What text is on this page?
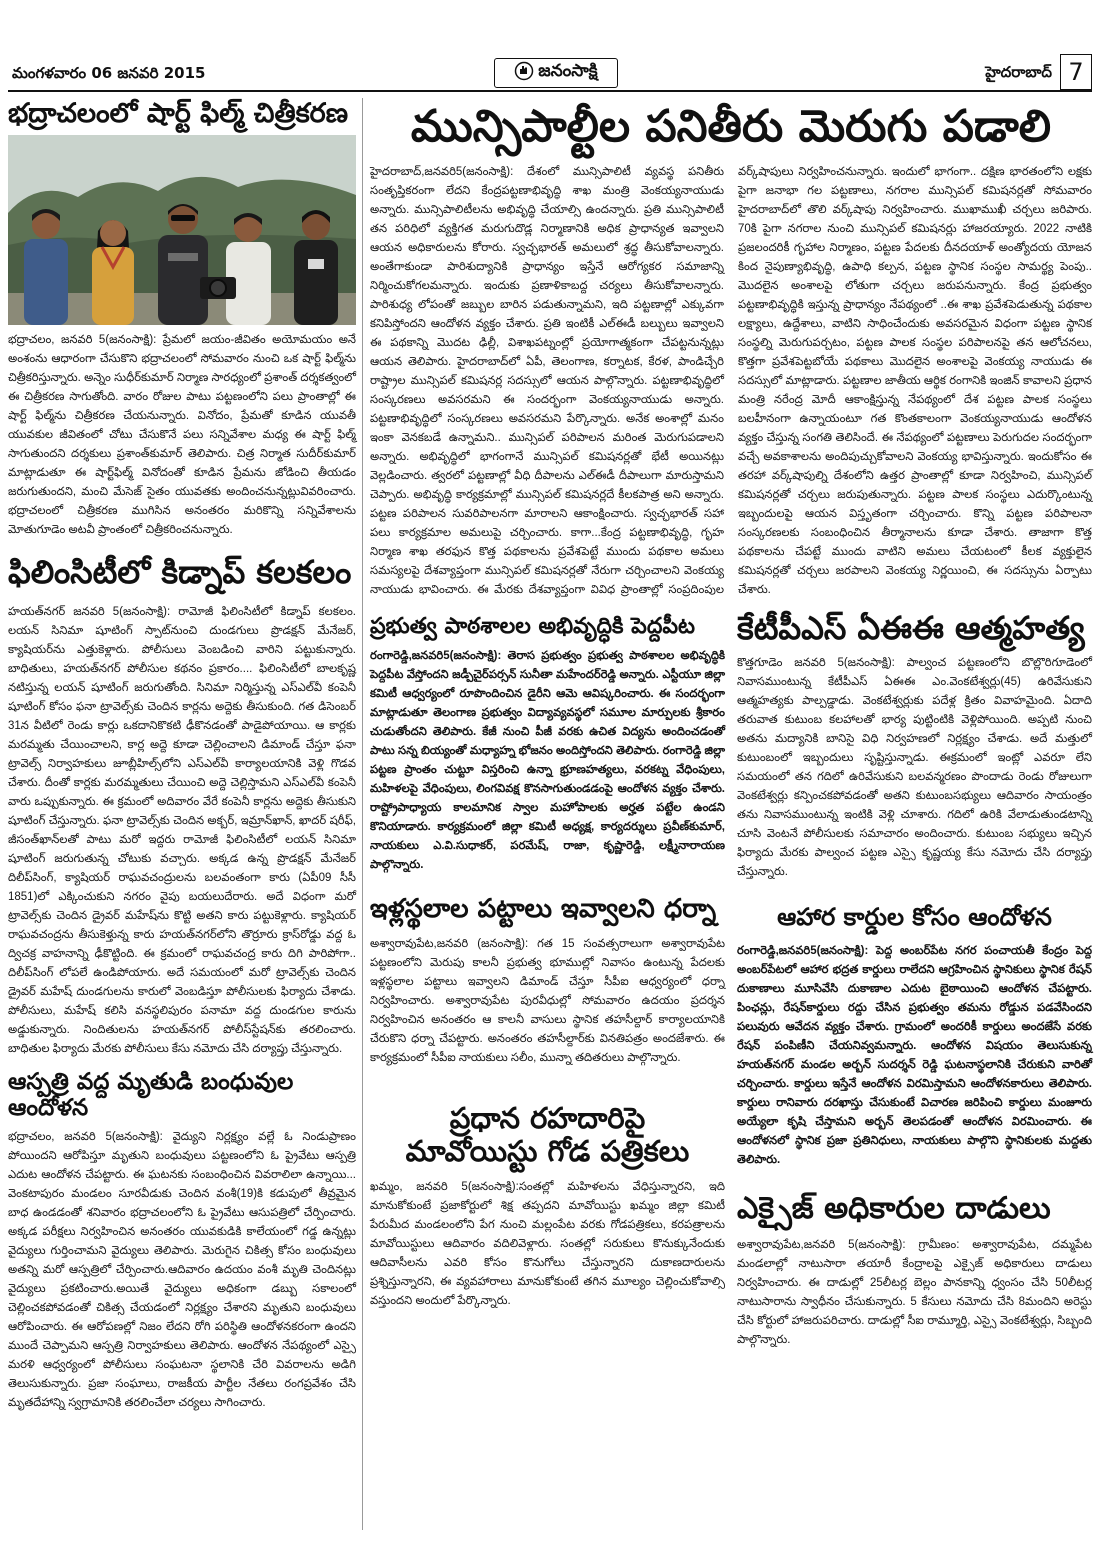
మంగళవారం 06 జనవరి 2015	జనంసాక్షి	హైదరాబాద్ 7
భద్రాచలంలో షార్ట్ ఫిల్మ్ చిత్రీకరణ

భద్రాచలం, జనవరి 5(జనంసాక్షి): ప్రేమలో జయం-జీవితం అయోమయం అనే అంశంను ఆధారంగా చేసుకొని భద్రాచలంలో సోమవారం నుంచి ఒక షార్ట్ ఫిల్మ్‌ను చిత్రీకరిస్తున్నారు. అన్నెం సుధీర్‌కుమార్ నిర్మాణ సారధ్యంలో ప్రశాంత్ దర్శకత్వంలో ఈ చిత్రీకరణ సాగుతోంది. వారం రోజుల పాటు పట్టణంలోని పలు ప్రాంతాల్లో ఈ షార్ట్ ఫిల్మ్‌ను చిత్రీకరణ చేయనున్నారు. వినోదం, ప్రేమతో కూడిన యువతీ యువకుల జీవితంలో చోటు చేసుకొనే పలు సన్నివేశాల మధ్య ఈ షార్ట్ ఫిల్మ్ సాగుతుందని దర్శకులు ప్రశాంత్‌కుమార్ తెలిపారు. చిత్ర నిర్మాత సుదీర్‌కుమార్ మాట్లాడుతూ ఈ షార్ట్‌ఫిల్మ్ వినోదంతో కూడిన ప్రేమను జోడించి తీయడం జరుగుతుందని, మంచి మేసెజ్ సైతం యువతకు అందించనున్నట్లువివరించారు. భద్రాచలంలో చిత్రీకరణ ముగిసిన అనంతరం మరికొన్ని సన్నివేశాలను మోతుగూడెం అటవీ ప్రాంతంలో చిత్రీకరించనున్నారు.

ఫిలింసిటీలో కిడ్నాప్ కలకలం

హయత్‌నగర్ జనవరి 5(జనంసాక్షి): రామోజీ ఫిలింసిటీలో కిడ్నాప్ కలకలం. లయన్ సినిమా షూటింగ్ స్పాట్‌నుంచి దుండగులు ప్రొడక్షన్ మేనేజర్, క్యాషియర్‌ను ఎత్తుకెళ్లారు. పోలీసులు వెంబడించి వారిని పట్టుకున్నారు. బాధితులు, హయత్‌నగర్ పోలీసుల కథనం ప్రకారం.... ఫిలింసిటీలో బాలకృష్ణ నటిస్తున్న లయన్ షూటింగ్ జరుగుతోంది. సినిమా నిర్మిస్తున్న ఎస్‌ఎల్‌వీ కంపెనీ షూటింగ్ కోసం ఫనా ట్రావెల్స్‌కు చెందిన కార్లను అద్దెకు తీసుకుంది. గత డిసెంబర్ 31న వీటిలో రెండు కార్లు ఒకదానికొకటి ఢీకొనడంతో పాడైపోయాయి. ఆ కార్లకు మరమ్మతు చేయించాలని, కార్ల అద్దె కూడా చెల్లించాలని డిమాండ్ చేస్తూ ఫనా ట్రావెల్స్ నిర్వాహకులు జూబ్లీహిల్స్‌లోని ఎస్‌ఎల్‌వీ కార్యాలయానికి వెళ్లి గొడవ చేశారు. దీంతో కార్లకు మరమ్మతులు చేయించి అద్దె చెల్లిస్తామని ఎస్‌ఎల్‌వీ కంపెనీ వారు ఒప్పుకున్నారు. ఈ క్రమంలో అదివారం వేరే కంపెనీ కార్లను అద్దెకు తీసుకుని షూటింగ్ చేస్తున్నారు. ఫనా ట్రావెల్స్‌కు చెందిన అక్బర్, ఇమ్రాన్‌ఖాన్, ఖాదర్ షరీఫ్, జీసంత్‌ఖాన్‌లతో పాటు మరో ఇద్దరు రామోజీ ఫిలింసిటీలో లయన్ సినిమా షూటింగ్ జరుగుతున్న చోటుకు వచ్చారు. అక్కడ ఉన్న ప్రొడక్షన్ మేనేజర్ దిలీప్‌సింగ్, క్యాషియర్ రాఘవచంద్రులను బలవంతంగా కారు (ఏపీ09 సీసీ 1851)లో ఎక్కించుకుని నగరం వైపు బయలుదేరారు. అదే విధంగా మరో ట్రావెల్స్‌కు చెందిన డ్రైవర్ మహేష్‌ను కొట్టి అతని కారు పట్టుకెళ్లారు. క్యాషియర్ రాఘవచంద్రను తీసుకెళ్తున్న కారు హయత్‌నగర్‌లోని తొర్రూరు క్రాస్‌రోడ్డు వద్ద ఓ ద్విచక్ర వాహనాన్ని ఢీకొట్టింది. ఈ క్రమంలో రాఘవచంద్ర కారు దిగి పారిపోగా.. దిలీప్‌సింగ్ లోపలే ఉండిపోయారు. అదే సమయంలో మరో ట్రావెల్స్‌కు చెందిన డ్రైవర్ మహేష్ దుండగులను కారులో వెంబడిస్తూ పోలీసులకు ఫిర్యాదు చేశాడు. పోలీసులు, మహేష్ కలిసి వనస్థలిపురం పనామా వద్ద దుండగుల కారును అడ్డుకున్నారు. నిందితులను హయత్‌నగర్ పోలీస్‌స్టేషన్‌కు తరలించారు. బాధితుల ఫిర్యాదు మేరకు పోలీసులు కేసు నమోదు చేసి దర్యాప్తు చేస్తున్నారు.

ఆస్పత్రి వద్ద మృతుడి బంధువుల ఆందోళన

భద్రాచలం, జనవరి 5(జనంసాక్షి): వైద్యుని నిర్లక్ష్యం వల్లే ఓ నిండుప్రాణం పోయిందని ఆరోపిస్తూ మృతుని బంధువులు పట్టణంలోని ఓ ప్రైవేటు ఆస్పత్రి ఎదుట ఆందోళన చేపట్టారు. ఈ ఘటనకు సంబంధించిన వివరాలిలా ఉన్నాయి... వెంకటాపురం మండలం సూరవీడుకు చెందిన వంశీ(19)కి కడుపులో తీవ్రమైన బాధ ఉండడంతో శనివారం భద్రాచలంలోని ఓ ప్రైవేటు ఆసుపత్రిలో చేర్పించారు. అక్కడ పరీక్షలు నిర్వహించిన అనంతరం యువకుడికి కాలేయంలో గడ్డ ఉన్నట్లు వైద్యులు గుర్తించామని వైద్యులు తెలిపారు. మెరుగైన చికిత్స కోసం బంధువులు అతన్ని మరో ఆస్పత్రిలో చేర్పించారు.ఆదివారం ఉదయం వంశీ మృతి చెందినట్లు వైద్యులు ప్రకటించారు.అయితే వైద్యులు అధికంగా డబ్బు సకాలంలో చెల్లించకపోవడంతో చికిత్స చేయడంలో నిర్లక్ష్యం చేశారని మృతుని బంధువులు ఆరోపించారు. ఈ ఆరోపణల్లో నిజం లేదని రోగి పరిస్థితి ఆందోళనకరంగా ఉందని ముందే చెప్పామని ఆస్పత్రి నిర్వాహకులు తెలిపారు. ఆందోళన నేపథ్యంలో ఎస్సై మరళి ఆధ్వర్యంలో పోలీసులు సంఘటనా స్థలానికి చేరి వివరాలను అడిగి తెలుసుకున్నారు. ప్రజా సంఘాలు, రాజకీయ పార్టీల నేతలు రంగప్రవేశం చేసి మృతదేహాన్ని స్వగ్రామానికి తరలించేలా చర్యలు సాగించారు.

మున్సిపాల్టీల పనితీరు మెరుగు పడాలి

హైదరాబాద్,జనవరి5(జనంసాక్షి): దేశంలో మున్సిపాలిటీ వ్యవస్థ పనితీరు సంతృప్తికరంగా లేదని కేంద్రపట్టణాభివృద్ధి శాఖ మంత్రి వెంకయ్యనాయుడు అన్నారు. మున్సిపాలిటీలను అభివృద్ధి చేయాల్సి ఉందన్నారు. ప్రతి మున్సిపాలిటీ తన పరిధిలో వ్యక్తిగత మరుగుదొడ్ల నిర్మాణానికి అధిక ప్రాధాన్యత ఇవ్వాలని ఆయన అధికారులను కోరారు. స్వచ్ఛభారత్ అమలులో శ్రద్ధ తీసుకోవాలన్నారు. అంతేగాకుండా పారిశుద్యానికి ప్రాధాన్యం ఇస్తేనే ఆరోగ్యకర సమాజాన్ని నిర్మించుకోగలమన్నారు. ఇందుకు ప్రణాళికాబద్ద చర్యలు తీసుకోవాలన్నారు. పారిశుధ్య లోపంతో జబ్బుల బారిన పడుతున్నామని, ఇది పట్టణాల్లో ఎక్కువగా కనిపిస్తోందని ఆందోళన వ్యక్తం చేశారు. ప్రతి ఇంటికీ ఎల్‌ఈడీ బల్బులు ఇవ్వాలని ఈ పథకాన్ని మొదట ఢిల్లీ, విశాఖపట్నంల్లో ప్రయోగాత్మకంగా చేపట్టనున్నట్లు ఆయన తెలిపారు. హైదరాబాద్‌లో ఏపీ, తెలంగాణ, కర్నాటక, కేరళ, పాండిచ్చేరి రాష్ట్రాల మున్సిపల్ కమిషనర్ల సదస్సులో ఆయన పాల్గొన్నారు. పట్టణాభివృద్ధిలో సంస్కరణలు అవసరమని ఈ సందర్భంగా వెంకయ్యనాయుడు అన్నారు. పట్టణాభివృద్ధిలో సంస్కరణలు అవసరమని పేర్కొన్నారు. అనేక అంశాల్లో మనం ఇంకా వెనకబడే ఉన్నామని.. మున్సిపల్ పరిపాలన మరింత మెరుగుపడాలని అన్నారు. అభివృద్ధిలో భాగంగానే మున్సిపల్ కమిషనర్లతో భేటీ అయినట్లు వెల్లడించారు. త్వరలో పట్టణాల్లో వీధి దీపాలను ఎల్‌ఈడీ దీపాలుగా మారుస్తామని చెప్పారు. అభివృద్ధి కార్యక్రమాల్లో మున్సిపల్ కమిషనర్లదే కీలకపాత్ర అని అన్నారు. పట్టణ పరిపాలన సువరిపాలనగా మారాలని ఆకాంక్షించారు. స్వచ్ఛభారత్ సహా పలు కార్యక్రమాల అమలుపై చర్చించారు. కాగా...కేంద్ర పట్టణాభివృద్ధి, గృహ నిర్మాణ శాఖ తరఫున కొత్త పథకాలను ప్రవేశపెట్టే ముందు పథకాల అమలు సమస్యలపై దేశవ్యాప్తంగా మున్సిపల్ కమిషనర్లతో నేరుగా చర్చించాలని వెంకయ్య నాయుడు భావించారు. ఈ మేరకు దేశవ్యాప్తంగా వివిధ ప్రాంతాల్లో సంప్రదింపుల వర్క్‌షాపులు నిర్వహించనున్నారు. ఇందులో భాగంగా.. దక్షిణ భారతంలోని లక్షకు పైగా జనాభా గల పట్టణాలు, నగరాల మున్సిపల్ కమిషనర్లతో సోమవారం హైదరాబాద్‌లో తొలి వర్క్‌షాపు నిర్వహించారు. ముఖాముఖీ చర్చలు జరిపారు. 70కి పైగా నగరాల నుంచి మున్సిపల్ కమిషనర్లు హాజరయ్యారు. 2022 నాటికి ప్రజలందరికీ గృహాల నిర్మాణం, పట్టణ పేదలకు దీనదయాళ్ అంత్యోదయ యోజన కింద నైపుణ్యాభివృద్ధి, ఉపాధి కల్పన, పట్టణ స్థానిక సంస్థల సామర్థ్య పెంపు.. మొదలైన అంశాలపై లోతుగా చర్చలు జరుపనున్నారు. కేంద్ర ప్రభుత్వం పట్టణాభివృద్ధికి ఇస్తున్న ప్రాధాన్యం నేపథ్యంలో ..ఈ శాఖ ప్రవేశపెడుతున్న పథకాల లక్ష్యాలు, ఉద్దేశాలు, వాటిని సాధించేందుకు అవసరమైన విధంగా పట్టణ స్థానిక సంస్థల్ని మెరుగుపర్చటం, పట్టణ పాలక సంస్థల పరిపాలనపై తన ఆలోచనలు, కొత్తగా ప్రవేశపెట్టబోయే పథకాలు మొదలైన అంశాలపై వెంకయ్య నాయుడు ఈ సదస్సులో మాట్లాడారు. పట్టణాల జాతీయ ఆర్థిక రంగానికి ఇంజిన్ కావాలని ప్రధాన మంత్రి నరేంద్ర మోదీ ఆకాంక్షిస్తున్న నేపథ్యంలో దేశ పట్టణ పాలక సంస్థలు బలహీనంగా ఉన్నాయంటూ గత కొంతకాలంగా వెంకయ్యనాయుడు ఆందోళన వ్యక్తం చేస్తున్న సంగతి తెలిసిందే. ఈ నేపథ్యంలో పట్టణాలు పెరుగుదల సందర్భంగా వచ్చే అవకాశాలను అందిపుచ్చుకోవాలని వెంకయ్య భావిస్తున్నారు. ఇందుకోసం ఈ తరహా వర్క్‌షాపుల్ని దేశంలోని ఉత్తర ప్రాంతాల్లో కూడా నిర్వహించి, మున్సిపల్ కమిషనర్లతో చర్చలు జరుపుతున్నారు. పట్టణ పాలక సంస్థలు ఎదుర్కొంటున్న ఇబ్బందులపై ఆయన విస్తృతంగా చర్చించారు. కొన్ని పట్టణ పరిపాలనా సంస్కరణలకు సంబంధించిన తీర్మానాలను కూడా చేశారు. తాజాగా కొత్త పథకాలను చేపట్టే ముందు వాటిని అమలు చేయటంలో కీలక వ్యక్తులైన కమిషనర్లతో చర్చలు జరపాలని వెంకయ్య నిర్ణయించి, ఈ సదస్సును ఏర్పాటు చేశారు.

ప్రభుత్వ పాఠశాలల అభివృద్ధికి పెద్దపీట

రంగారెడ్డి,జనవరి5(జనంసాక్షి): తెరాస ప్రభుత్వం ప్రభుత్వ పాఠశాలల అభివృద్ధికి పెద్దపీట వేస్తోందని జడ్పీచైర్‌పర్సన్ సునీతా మహేందర్‌రెడ్డి అన్నారు. ఎస్టీయూ జిల్లా కమిటీ ఆధ్వర్యంలో రూపొందించిన డైరీని ఆమె ఆవిష్కరించారు. ఈ సందర్భంగా మాట్లాడుతూ తెలంగాణ ప్రభుత్వం విద్యావ్యవస్థలో సమూల మార్పులకు శ్రీకారం చుడుతోందని తెలిపారు. కేజీ నుంచి పీజీ వరకు ఉచిత విద్యను అందించడంతో పాటు సన్న బియ్యంతో మధ్యాహ్న భోజనం అందిస్తోందని తెలిపారు. రంగారెడ్డి జిల్లా పట్టణ ప్రాంతం చుట్టూ విస్తరించి ఉన్నా భ్రూణహత్యలు, వరకట్న వేధింపులు, మహిళలపై వేధింపులు, లింగవివక్ష కొనసాగుతుండడంపై ఆందోళన వ్యక్తం చేశారు. రాష్ట్రోపాధ్యాయ కాలమానిక స్వాల మహోపాలకు అర్హత పట్టేల ఉండని కొనియాడారు. కార్యక్రమంలో జిల్లా కమిటీ అధ్యక్ష, కార్యదర్శులు ప్రవీణ్‌కుమార్, నాయకులు ఎ.వి.సుధాకర్, పరమేష్, రాజా, కృష్ణారెడ్డి, లక్ష్మీనారాయణ పాల్గొన్నారు.

ఇళ్లస్థలాల పట్టాలు ఇవ్వాలని ధర్నా

అశ్వారావుపేట,జనవరి (జనంసాక్షి): గత 15 సంవత్సరాలుగా అశ్వారావుపేట పట్టణంలోని మెరుపు కాలనీ ప్రభుత్వ భూముల్లో నివాసం ఉంటున్న పేదలకు ఇళ్లస్థలాల పట్టాలు ఇవ్వాలని డిమాండ్ చేస్తూ సీపీఐ ఆధ్వర్యంలో ధర్నా నిర్వహించారు. అశ్వారావుపేట పురవీధుల్లో సోమవారం ఉదయం ప్రదర్శన నిర్వహించిన అనంతరం ఆ కాలనీ వాసులు స్థానిక తహసీల్దార్ కార్యాలయానికి చేరుకొని ధర్నా చేపట్టారు. అనంతరం తహసీల్దార్‌కు వినతిపత్రం అందజేశారు. ఈ కార్యక్రమంలో సీపీఐ నాయకులు సలీం, మున్నా తదితరులు పాల్గొన్నారు.

ప్రధాన రహదారిపై
మావోయిస్టు గోడ పత్రికలు

ఖమ్మం, జనవరి 5(జనంసాక్షి):సంతల్లో మహిళలను వేధిస్తున్నారని, ఇది మానుకోకుంటే ప్రజాకోర్టులో శిక్ష తప్పదని మావోయిస్టు ఖమ్మం జిల్లా కమిటీ పేరుమీద మండలంలోని పేగ నుంచి మల్లంపేట వరకు గోడపత్రికలు, కరపత్రాలను మావోయిస్టులు ఆదివారం వదిలివెళ్లారు. సంతల్లో సరుకులు కొనుక్కునేందుకు ఆదివాసీలను ఎవరి కోసం కొనుగోలు చేస్తున్నారని దుకాణదారులను ప్రశ్నిస్తున్నారని, ఈ వ్యవహారాలు మానుకోకుంటే తగిన మూల్యం చెల్లించుకోవాల్సి వస్తుందని అందులో పేర్కొన్నారు.

కేటీపీఎస్ ఏఈఈ ఆత్మహత్య

కొత్తగూడెం జనవరి 5(జనంసాక్షి): పాల్వంచ పట్టణంలోని బొల్లొరిగూడెంలో నివాసముంటున్న కేటీపీఎస్ ఏఈఈ ఎం.వెంకటేశ్వర్లు(45) ఉరివేసుకుని ఆత్మహత్యకు పాల్పడ్డాడు. వెంకటేశ్వర్లుకు పదేళ్ల క్రితం వివాహమైంది. ఏదాది తరువాత కుటుంబ కలహాలతో భార్య పుట్టింటికి వెళ్లిపోయింది. అప్పటి నుంచి అతను మద్యానికి బానిసై విధి నిర్వహణలో నిర్లక్ష్యం చేశాడు. అదే మత్తులో కుటుంబంలో ఇబ్బందులు సృష్టిస్తున్నాడు. ఈక్రమంలో ఇంట్లో ఎవరూ లేని సమయంలో తన గదిలో ఉరివేసుకుని బలవన్మరణం పొందాడు రెండు రోజులుగా వెంకటేశ్వర్లు కన్పించకపోవడంతో అతని కుటుంబసభ్యులు ఆదివారం సాయంత్రం తను నివాసముంటున్న ఇంటికి వెళ్లి చూశారు. గదిలో ఉరికి వేలాడుతుండటాన్ని చూసి వెంటనే పోలీసులకు సమాచారం అందించారు. కుటుంబ సభ్యులు ఇచ్చిన ఫిర్యాదు మేరకు పాల్వంచ పట్టణ ఎస్సై కృష్ణయ్య కేసు నమోదు చేసి దర్యాప్తు చేస్తున్నారు.

ఆహార కార్డుల కోసం ఆందోళన

రంగారెడ్డి,జనవరి5(జనంసాక్షి): పెద్ద అంబర్‌పేట నగర పంచాయతీ కేంద్రం పెద్ద అంబర్‌పేటలో ఆహార భద్రత కార్డులు రాలేదని ఆగ్రహించిన స్థానికులు స్థానిక రేషన్ దుకాణాలు మూసివేసి దుకాణాల ఎదుట బైఠాయించి ఆందోళన చేపట్టారు. పింఛన్లు, రేషన్‌కార్డులు రద్దు చేసిన ప్రభుత్వం తమను రోడ్డున పడవేసిందని పలువురు ఆవేదన వ్యక్తం చేశారు. గ్రామంలో అందరికీ కార్డులు అందజేసే వరకు రేషన్ పంపిణీని చేయనివ్వమన్నారు. ఆందోళన విషయం తెలుసుకున్న హయత్‌నగర్ మండల అర్బన్ సుదర్శన్ రెడ్డి ఘటనాస్థలానికి చేరుకుని వారితో చర్చించారు. కార్డులు ఇస్తేనే ఆందోళన విరమిస్తామని ఆందోళనకారులు తెలిపారు. కార్డులు రానివారు దరఖాస్తు చేసుకుంటే విచారణ జరిపించి కార్డులు మంజూరు అయ్యేలా కృషి చేస్తామని అర్బన్ తెలపడంతో ఆందోళన విరమించారు. ఈ ఆందోళనలో స్థానిక ప్రజా ప్రతినిధులు, నాయకులు పాల్గొని స్థానికులకు మద్దతు తెలిపారు.

ఎక్సైజ్ అధికారుల దాడులు

అశ్వారావుపేట,జనవరి 5(జనంసాక్షి): గ్రామీణం: అశ్వారావుపేట, దమ్మపేట మండలాల్లో నాటుసారా తయారీ కేంద్రాలపై ఎక్సైజ్ అధికారులు దాడులు నిర్వహించారు. ఈ దాడుల్లో 25లీటర్ల బెల్లం పానకాన్ని ధ్వంసం చేసి 50లీటర్ల నాటుసారాను స్వాధీనం చేసుకున్నారు. 5 కేసులు నమోదు చేసి 8మందిని అరెస్టు చేసి కోర్టులో హాజరుపరిచారు. దాడుల్లో సీఐ రామ్మూర్తి, ఎస్సై వెంకటేశ్వర్లు, సిబ్బంది పాల్గొన్నారు.
